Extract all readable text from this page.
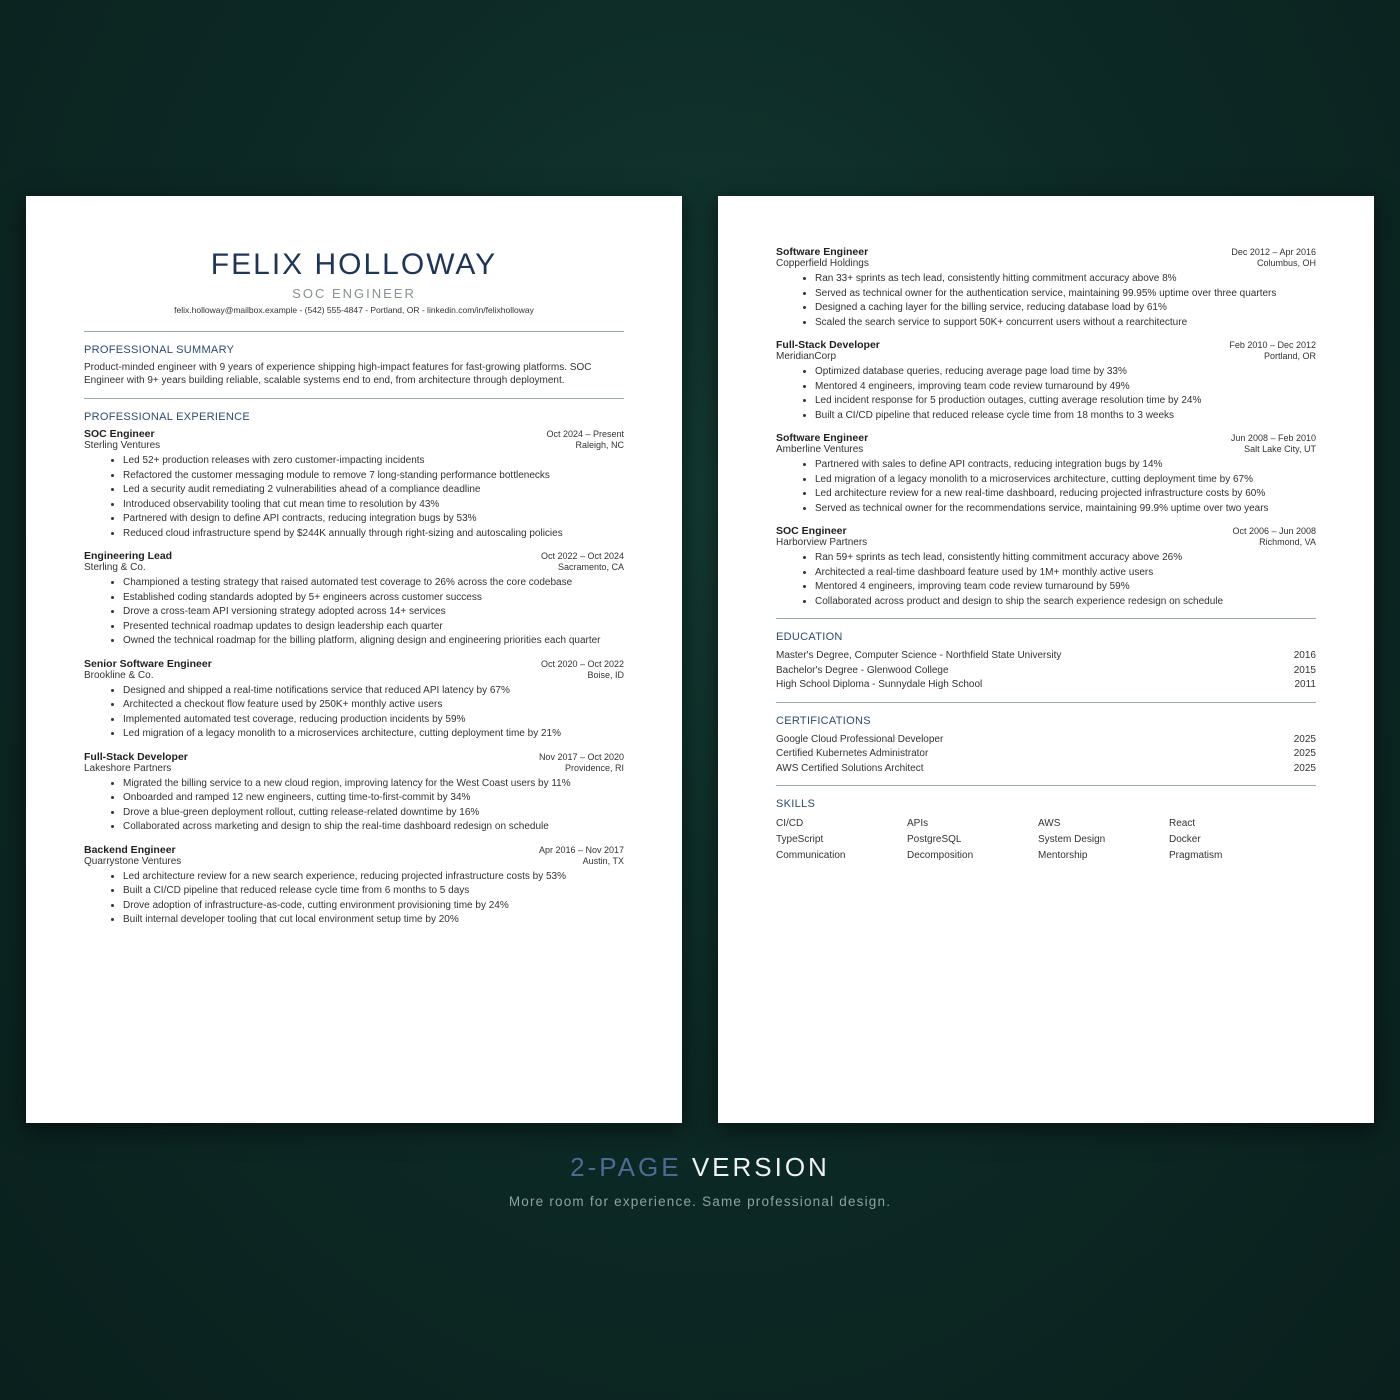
FELIX HOLLOWAY
SOC ENGINEER
felix.holloway@mailbox.example - (542) 555-4847 - Portland, OR - linkedin.com/in/felixholloway
PROFESSIONAL SUMMARY
Product-minded engineer with 9 years of experience shipping high-impact features for fast-growing platforms. SOC Engineer with 9+ years building reliable, scalable systems end to end, from architecture through deployment.
PROFESSIONAL EXPERIENCE
SOC Engineer	Oct 2024 – Present
Sterling Ventures	Raleigh, NC
• Led 52+ production releases with zero customer-impacting incidents
• Refactored the customer messaging module to remove 7 long-standing performance bottlenecks
• Led a security audit remediating 2 vulnerabilities ahead of a compliance deadline
• Introduced observability tooling that cut mean time to resolution by 43%
• Partnered with design to define API contracts, reducing integration bugs by 53%
• Reduced cloud infrastructure spend by $244K annually through right-sizing and autoscaling policies
Engineering Lead	Oct 2022 – Oct 2024
Sterling & Co.	Sacramento, CA
• Championed a testing strategy that raised automated test coverage to 26% across the core codebase
• Established coding standards adopted by 5+ engineers across customer success
• Drove a cross-team API versioning strategy adopted across 14+ services
• Presented technical roadmap updates to design leadership each quarter
• Owned the technical roadmap for the billing platform, aligning design and engineering priorities each quarter
Senior Software Engineer	Oct 2020 – Oct 2022
Brookline & Co.	Boise, ID
• Designed and shipped a real-time notifications service that reduced API latency by 67%
• Architected a checkout flow feature used by 250K+ monthly active users
• Implemented automated test coverage, reducing production incidents by 59%
• Led migration of a legacy monolith to a microservices architecture, cutting deployment time by 21%
Full-Stack Developer	Nov 2017 – Oct 2020
Lakeshore Partners	Providence, RI
• Migrated the billing service to a new cloud region, improving latency for the West Coast users by 11%
• Onboarded and ramped 12 new engineers, cutting time-to-first-commit by 34%
• Drove a blue-green deployment rollout, cutting release-related downtime by 16%
• Collaborated across marketing and design to ship the real-time dashboard redesign on schedule
Backend Engineer	Apr 2016 – Nov 2017
Quarrystone Ventures	Austin, TX
• Led architecture review for a new search experience, reducing projected infrastructure costs by 53%
• Built a CI/CD pipeline that reduced release cycle time from 6 months to 5 days
• Drove adoption of infrastructure-as-code, cutting environment provisioning time by 24%
• Built internal developer tooling that cut local environment setup time by 20%
Software Engineer	Dec 2012 – Apr 2016
Copperfield Holdings	Columbus, OH
• Ran 33+ sprints as tech lead, consistently hitting commitment accuracy above 8%
• Served as technical owner for the authentication service, maintaining 99.95% uptime over three quarters
• Designed a caching layer for the billing service, reducing database load by 61%
• Scaled the search service to support 50K+ concurrent users without a rearchitecture
Full-Stack Developer	Feb 2010 – Dec 2012
MeridianCorp	Portland, OR
• Optimized database queries, reducing average page load time by 33%
• Mentored 4 engineers, improving team code review turnaround by 49%
• Led incident response for 5 production outages, cutting average resolution time by 24%
• Built a CI/CD pipeline that reduced release cycle time from 18 months to 3 weeks
Software Engineer	Jun 2008 – Feb 2010
Amberline Ventures	Salt Lake City, UT
• Partnered with sales to define API contracts, reducing integration bugs by 14%
• Led migration of a legacy monolith to a microservices architecture, cutting deployment time by 67%
• Led architecture review for a new real-time dashboard, reducing projected infrastructure costs by 60%
• Served as technical owner for the recommendations service, maintaining 99.9% uptime over two years
SOC Engineer	Oct 2006 – Jun 2008
Harborview Partners	Richmond, VA
• Ran 59+ sprints as tech lead, consistently hitting commitment accuracy above 26%
• Architected a real-time dashboard feature used by 1M+ monthly active users
• Mentored 4 engineers, improving team code review turnaround by 59%
• Collaborated across product and design to ship the search experience redesign on schedule
EDUCATION
Master's Degree, Computer Science - Northfield State University	2016
Bachelor's Degree - Glenwood College	2015
High School Diploma - Sunnydale High School	2011
CERTIFICATIONS
Google Cloud Professional Developer	2025
Certified Kubernetes Administrator	2025
AWS Certified Solutions Architect	2025
SKILLS
CI/CD	APIs	AWS	React
TypeScript	PostgreSQL	System Design	Docker
Communication	Decomposition	Mentorship	Pragmatism
2-PAGE VERSION
More room for experience. Same professional design.
